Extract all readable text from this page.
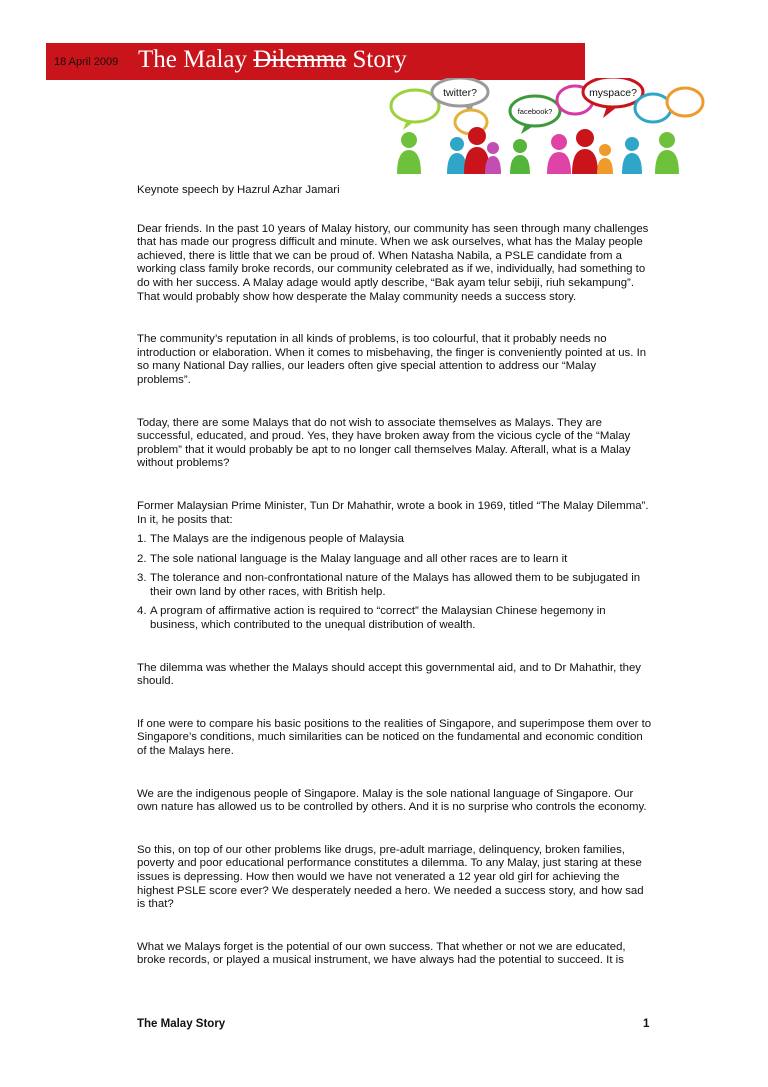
18 April 2009 The Malay Dilemma Story
twitter?
facebook?
myspace?

Keynote speech by Hazrul Azhar Jamari

Dear friends. In the past 10 years of Malay history, our community has seen through many challenges that has made our progress difficult and minute. When we ask ourselves, what has the Malay people achieved, there is little that we can be proud of. When Natasha Nabila, a PSLE candidate from a working class family broke records, our community celebrated as if we, individually, had something to do with her success. A Malay adage would aptly describe, “Bak ayam telur sebiji, riuh sekampung”. That would probably show how desperate the Malay community needs a success story.

The community’s reputation in all kinds of problems, is too colourful, that it probably needs no introduction or elaboration. When it comes to misbehaving, the finger is conveniently pointed at us. In so many National Day rallies, our leaders often give special attention to address our “Malay problems”.

Today, there are some Malays that do not wish to associate themselves as Malays. They are successful, educated, and proud. Yes, they have broken away from the vicious cycle of the “Malay problem” that it would probably be apt to no longer call themselves Malay. Afterall, what is a Malay without problems?

Former Malaysian Prime Minister, Tun Dr Mahathir, wrote a book in 1969, titled “The Malay Dilemma”. In it, he posits that:

1. The Malays are the indigenous people of Malaysia
2. The sole national language is the Malay language and all other races are to learn it
3. The tolerance and non-confrontational nature of the Malays has allowed them to be subjugated in their own land by other races, with British help.
4. A program of affirmative action is required to “correct” the Malaysian Chinese hegemony in business, which contributed to the unequal distribution of wealth.

The dilemma was whether the Malays should accept this governmental aid, and to Dr Mahathir, they should.

If one were to compare his basic positions to the realities of Singapore, and superimpose them over to Singapore’s conditions, much similarities can be noticed on the fundamental and economic condition of the Malays here.

We are the indigenous people of Singapore. Malay is the sole national language of Singapore. Our own nature has allowed us to be controlled by others. And it is no surprise who controls the economy.

So this, on top of our other problems like drugs, pre-adult marriage, delinquency, broken families, poverty and poor educational performance constitutes a dilemma. To any Malay, just staring at these issues is depressing. How then would we have not venerated a 12 year old girl for achieving the highest PSLE score ever? We desperately needed a hero. We needed a success story, and how sad is that?

What we Malays forget is the potential of our own success. That whether or not we are educated, broke records, or played a musical instrument, we have always had the potential to succeed. It is

The Malay Story	1
